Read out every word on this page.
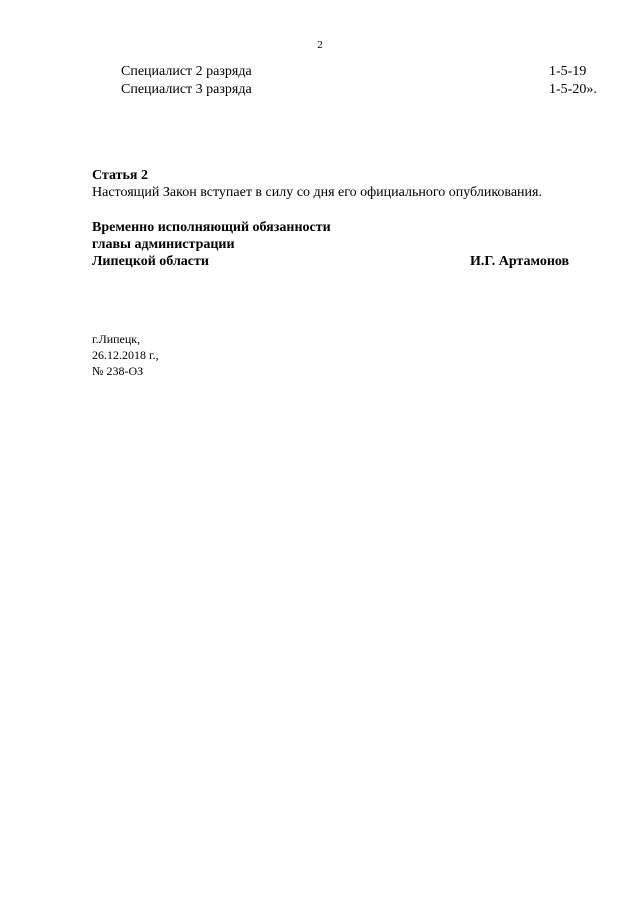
2
Специалист 2 разряда	1-5-19
Специалист 3 разряда	1-5-20».
Статья 2
Настоящий Закон вступает в силу со дня его официального опубликования.
Временно исполняющий обязанности
главы администрации
Липецкой области	И.Г. Артамонов
г.Липецк,
26.12.2018 г.,
№ 238-ОЗ
